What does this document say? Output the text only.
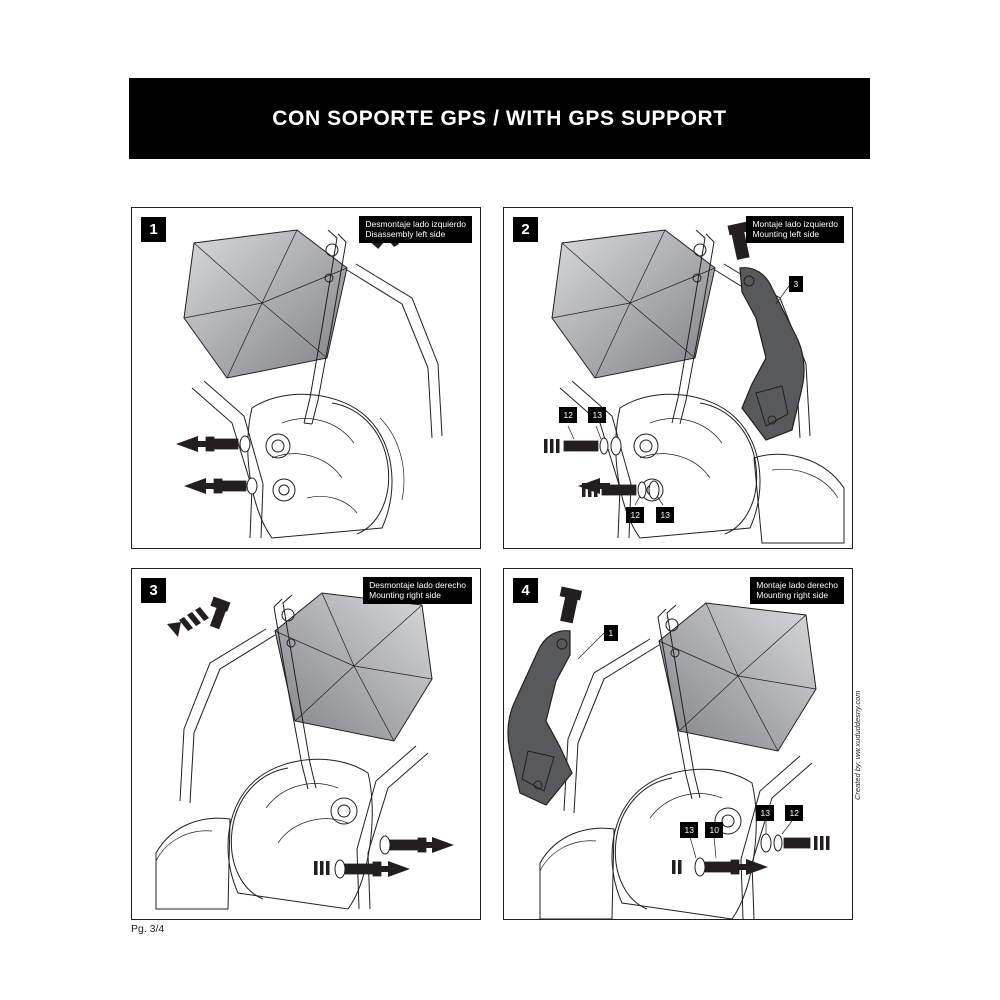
CON SOPORTE GPS / WITH GPS SUPPORT
1	Desmontaje lado izquierdo
Disassembly left side	2	Montaje lado izquierdo
Mounting left side
3
12	13
12	13
3	Desmontaje lado derecho
Mounting right side	4	Montaje lado derecho
Mounting right side
1
13	12
13	10
Pg. 3/4
Created by: ww.xududdesny.com
